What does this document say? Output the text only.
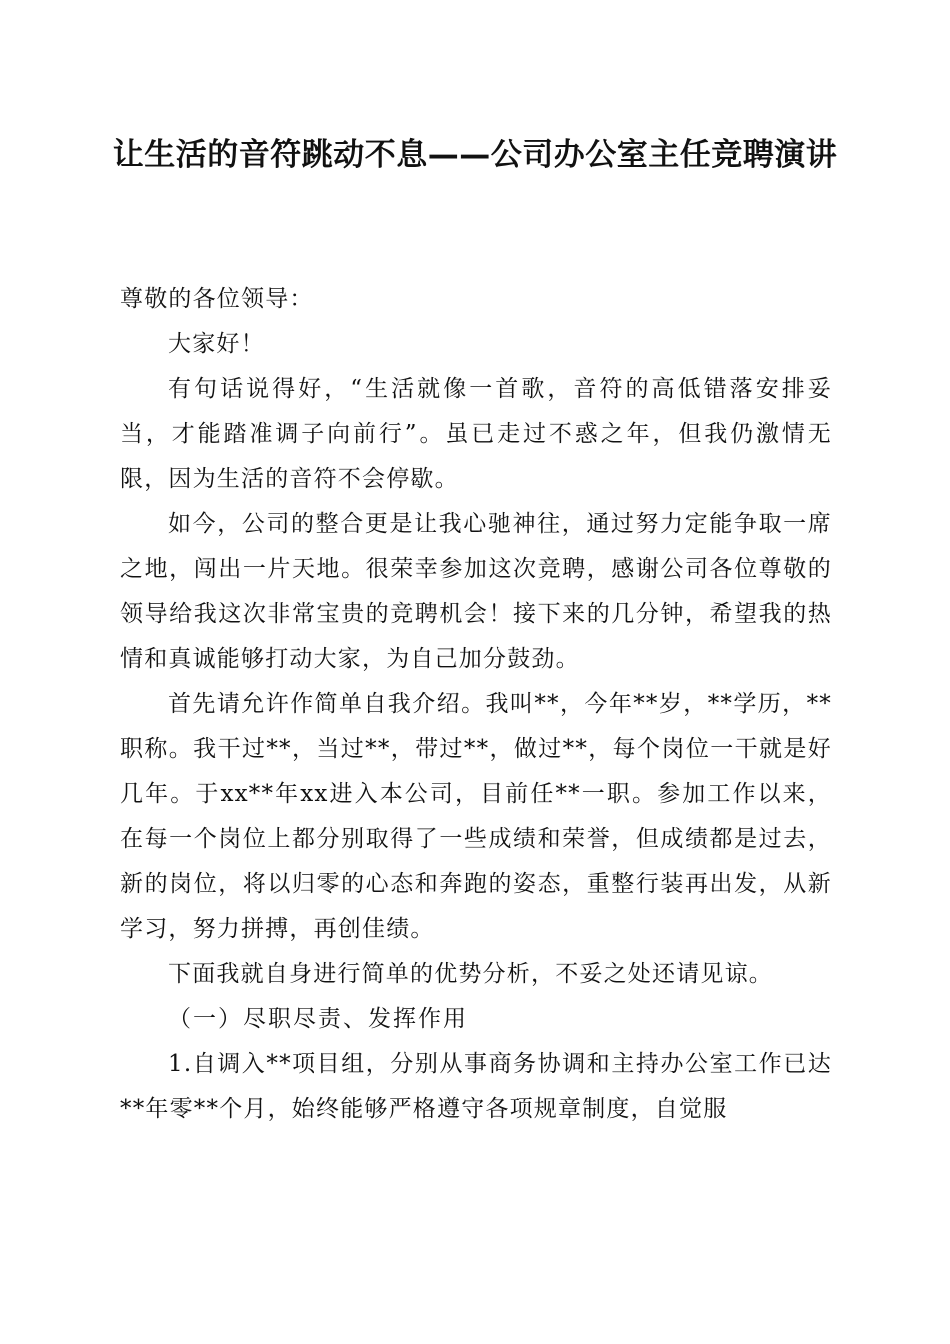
让生活的音符跳动不息——公司办公室主任竞聘演讲

尊敬的各位领导：

大家好！

有句话说得好，“生活就像一首歌，音符的高低错落安排妥当，才能踏准调子向前行”。虽已走过不惑之年，但我仍激情无限，因为生活的音符不会停歇。

如今，公司的整合更是让我心驰神往，通过努力定能争取一席之地，闯出一片天地。很荣幸参加这次竞聘，感谢公司各位尊敬的领导给我这次非常宝贵的竞聘机会！接下来的几分钟，希望我的热情和真诚能够打动大家，为自己加分鼓劲。

首先请允许作简单自我介绍。我叫**，今年**岁，**学历，**职称。我干过**，当过**，带过**，做过**，每个岗位一干就是好几年。于xx**年xx进入本公司，目前任**一职。参加工作以来，在每一个岗位上都分别取得了一些成绩和荣誉，但成绩都是过去，新的岗位，将以归零的心态和奔跑的姿态，重整行装再出发，从新学习，努力拼搏，再创佳绩。

下面我就自身进行简单的优势分析，不妥之处还请见谅。

（一）尽职尽责、发挥作用

1.自调入**项目组，分别从事商务协调和主持办公室工作已达**年零**个月，始终能够严格遵守各项规章制度，自觉服
